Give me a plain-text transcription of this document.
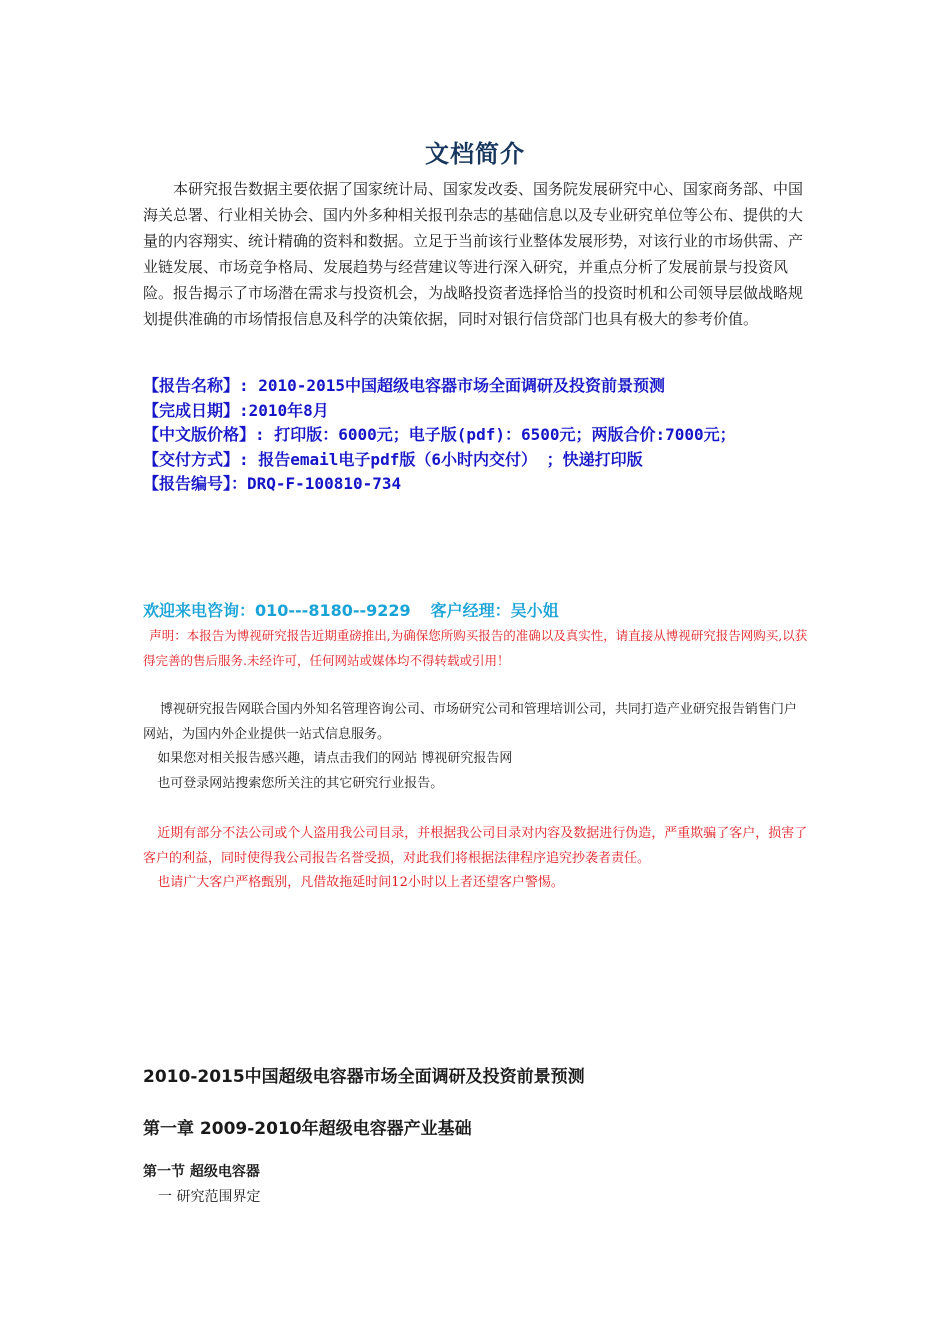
文档简介

本研究报告数据主要依据了国家统计局、国家发改委、国务院发展研究中心、国家商务部、中国海关总署、行业相关协会、国内外多种相关报刊杂志的基础信息以及专业研究单位等公布、提供的大量的内容翔实、统计精确的资料和数据。立足于当前该行业整体发展形势，对该行业的市场供需、产业链发展、市场竞争格局、发展趋势与经营建议等进行深入研究，并重点分析了发展前景与投资风险。报告揭示了市场潜在需求与投资机会，为战略投资者选择恰当的投资时机和公司领导层做战略规划提供准确的市场情报信息及科学的决策依据，同时对银行信贷部门也具有极大的参考价值。

【报告名称】: 2010-2015中国超级电容器市场全面调研及投资前景预测

【完成日期】:2010年8月

【中文版价格】: 打印版：6000元；电子版(pdf)：6500元；两版合价:7000元；

【交付方式】: 报告email电子pdf版（6小时内交付） ；快递打印版

【报告编号】：DRQ-F-100810-734

欢迎来电咨询：010---8180--9229 客户经理：吴小姐

声明：本报告为博视研究报告近期重磅推出,为确保您所购买报告的准确以及真实性，请直接从博视研究报告网购买,以获得完善的售后服务.未经许可，任何网站或媒体均不得转载或引用！

博视研究报告网联合国内外知名管理咨询公司、市场研究公司和管理培训公司，共同打造产业研究报告销售门户网站，为国内外企业提供一站式信息服务。

如果您对相关报告感兴趣，请点击我们的网站 博视研究报告网

也可登录网站搜索您所关注的其它研究行业报告。

近期有部分不法公司或个人盗用我公司目录，并根据我公司目录对内容及数据进行伪造，严重欺骗了客户，损害了客户的利益，同时使得我公司报告名誉受损，对此我们将根据法律程序追究抄袭者责任。

也请广大客户严格甄别，凡借故拖延时间12小时以上者还望客户警惕。

2010-2015中国超级电容器市场全面调研及投资前景预测
第一章 2009-2010年超级电容器产业基础
第一节 超级电容器
一 研究范围界定
